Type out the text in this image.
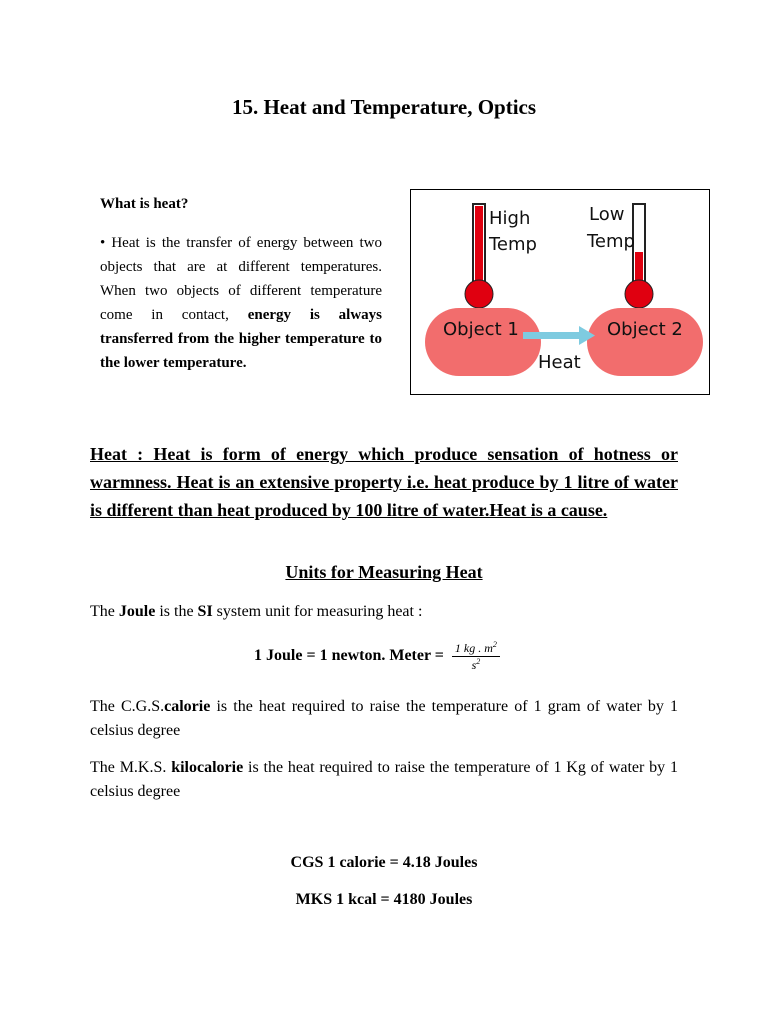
15. Heat and Temperature, Optics
What is heat?
• Heat is the transfer of energy between two objects that are at different temperatures. When two objects of different temperature come in contact, energy is always transferred from the higher temperature to the lower temperature.
High
Temp
Low
Temp
Object 1	Object 2
Heat
Heat : Heat is form of energy which produce sensation of hotness or warmness. Heat is an extensive property i.e. heat produce by 1 litre of water is different than heat produced by 100 litre of water.Heat is a cause.
Units for Measuring Heat
The Joule is the SI system unit for measuring heat :
1 Joule = 1 newton. Meter = $\frac{1 kg . m^2}{s^2}$
The C.G.S.calorie is the heat required to raise the temperature of 1 gram of water by 1 celsius degree
The M.K.S. kilocalorie is the heat required to raise the temperature of 1 Kg of water by 1 celsius degree
CGS 1 calorie = 4.18 Joules
MKS 1 kcal = 4180 Joules
